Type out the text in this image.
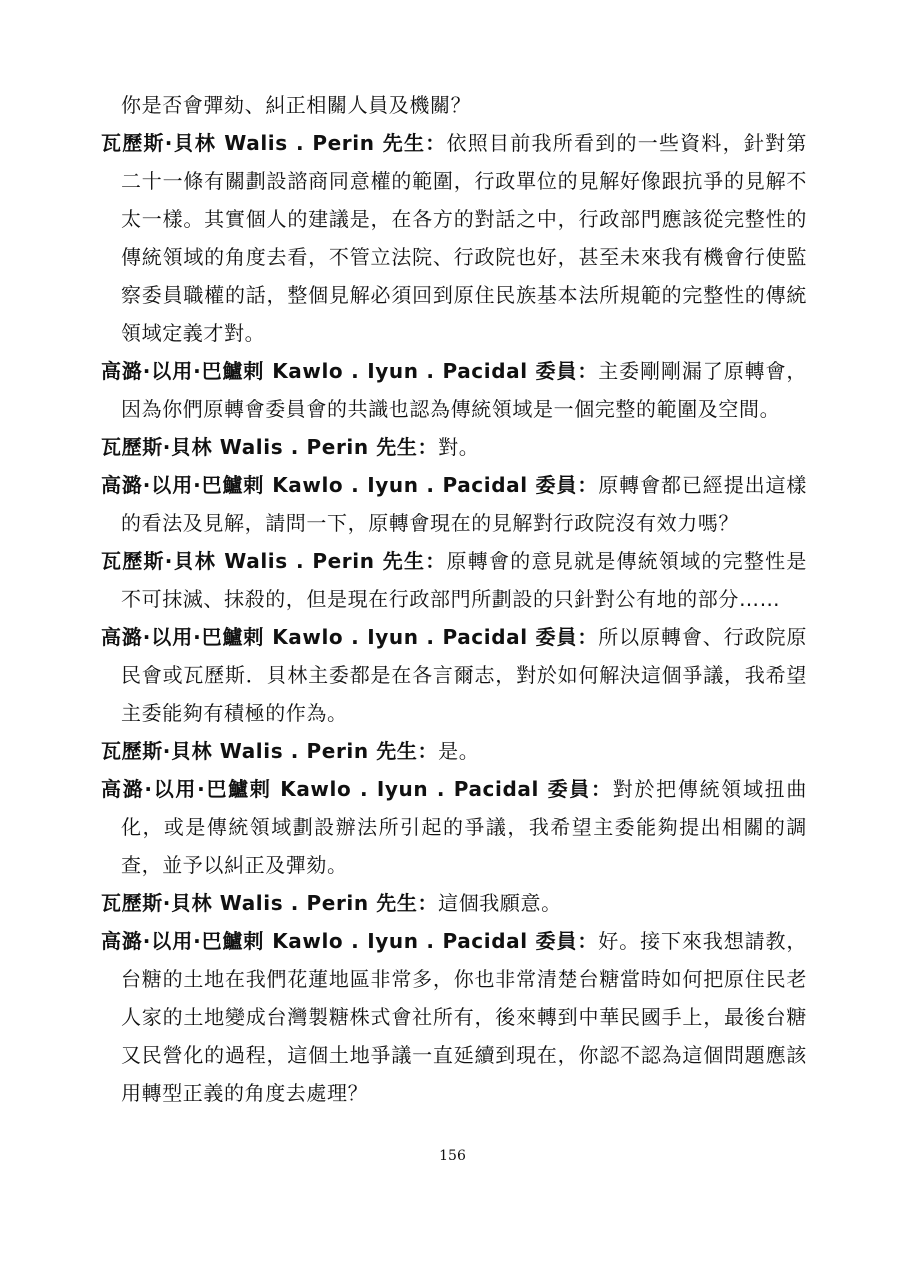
你是否會彈劾、糾正相關人員及機關？

瓦歷斯·貝林 Walis . Perin 先生：依照目前我所看到的一些資料，針對第二十一條有關劃設諮商同意權的範圍，行政單位的見解好像跟抗爭的見解不太一樣。其實個人的建議是，在各方的對話之中，行政部門應該從完整性的傳統領域的角度去看，不管立法院、行政院也好，甚至未來我有機會行使監察委員職權的話，整個見解必須回到原住民族基本法所規範的完整性的傳統領域定義才對。

高潞·以用·巴鱸剌 Kawlo . Iyun . Pacidal 委員：主委剛剛漏了原轉會，因為你們原轉會委員會的共識也認為傳統領域是一個完整的範圍及空間。

瓦歷斯·貝林 Walis . Perin 先生：對。

高潞·以用·巴鱸剌 Kawlo . Iyun . Pacidal 委員：原轉會都已經提出這樣的看法及見解，請問一下，原轉會現在的見解對行政院沒有效力嗎？

瓦歷斯·貝林 Walis . Perin 先生：原轉會的意見就是傳統領域的完整性是不可抹滅、抹殺的，但是現在行政部門所劃設的只針對公有地的部分……

高潞·以用·巴鱸剌 Kawlo . Iyun . Pacidal 委員：所以原轉會、行政院原民會或瓦歷斯．貝林主委都是在各言爾志，對於如何解決這個爭議，我希望主委能夠有積極的作為。

瓦歷斯·貝林 Walis . Perin 先生：是。

高潞·以用·巴鱸剌 Kawlo . Iyun . Pacidal 委員：對於把傳統領域扭曲化，或是傳統領域劃設辦法所引起的爭議，我希望主委能夠提出相關的調查，並予以糾正及彈劾。

瓦歷斯·貝林 Walis . Perin 先生：這個我願意。

高潞·以用·巴鱸剌 Kawlo . Iyun . Pacidal 委員：好。接下來我想請教，台糖的土地在我們花蓮地區非常多，你也非常清楚台糖當時如何把原住民老人家的土地變成台灣製糖株式會社所有，後來轉到中華民國手上，最後台糖又民營化的過程，這個土地爭議一直延續到現在，你認不認為這個問題應該用轉型正義的角度去處理？

156
